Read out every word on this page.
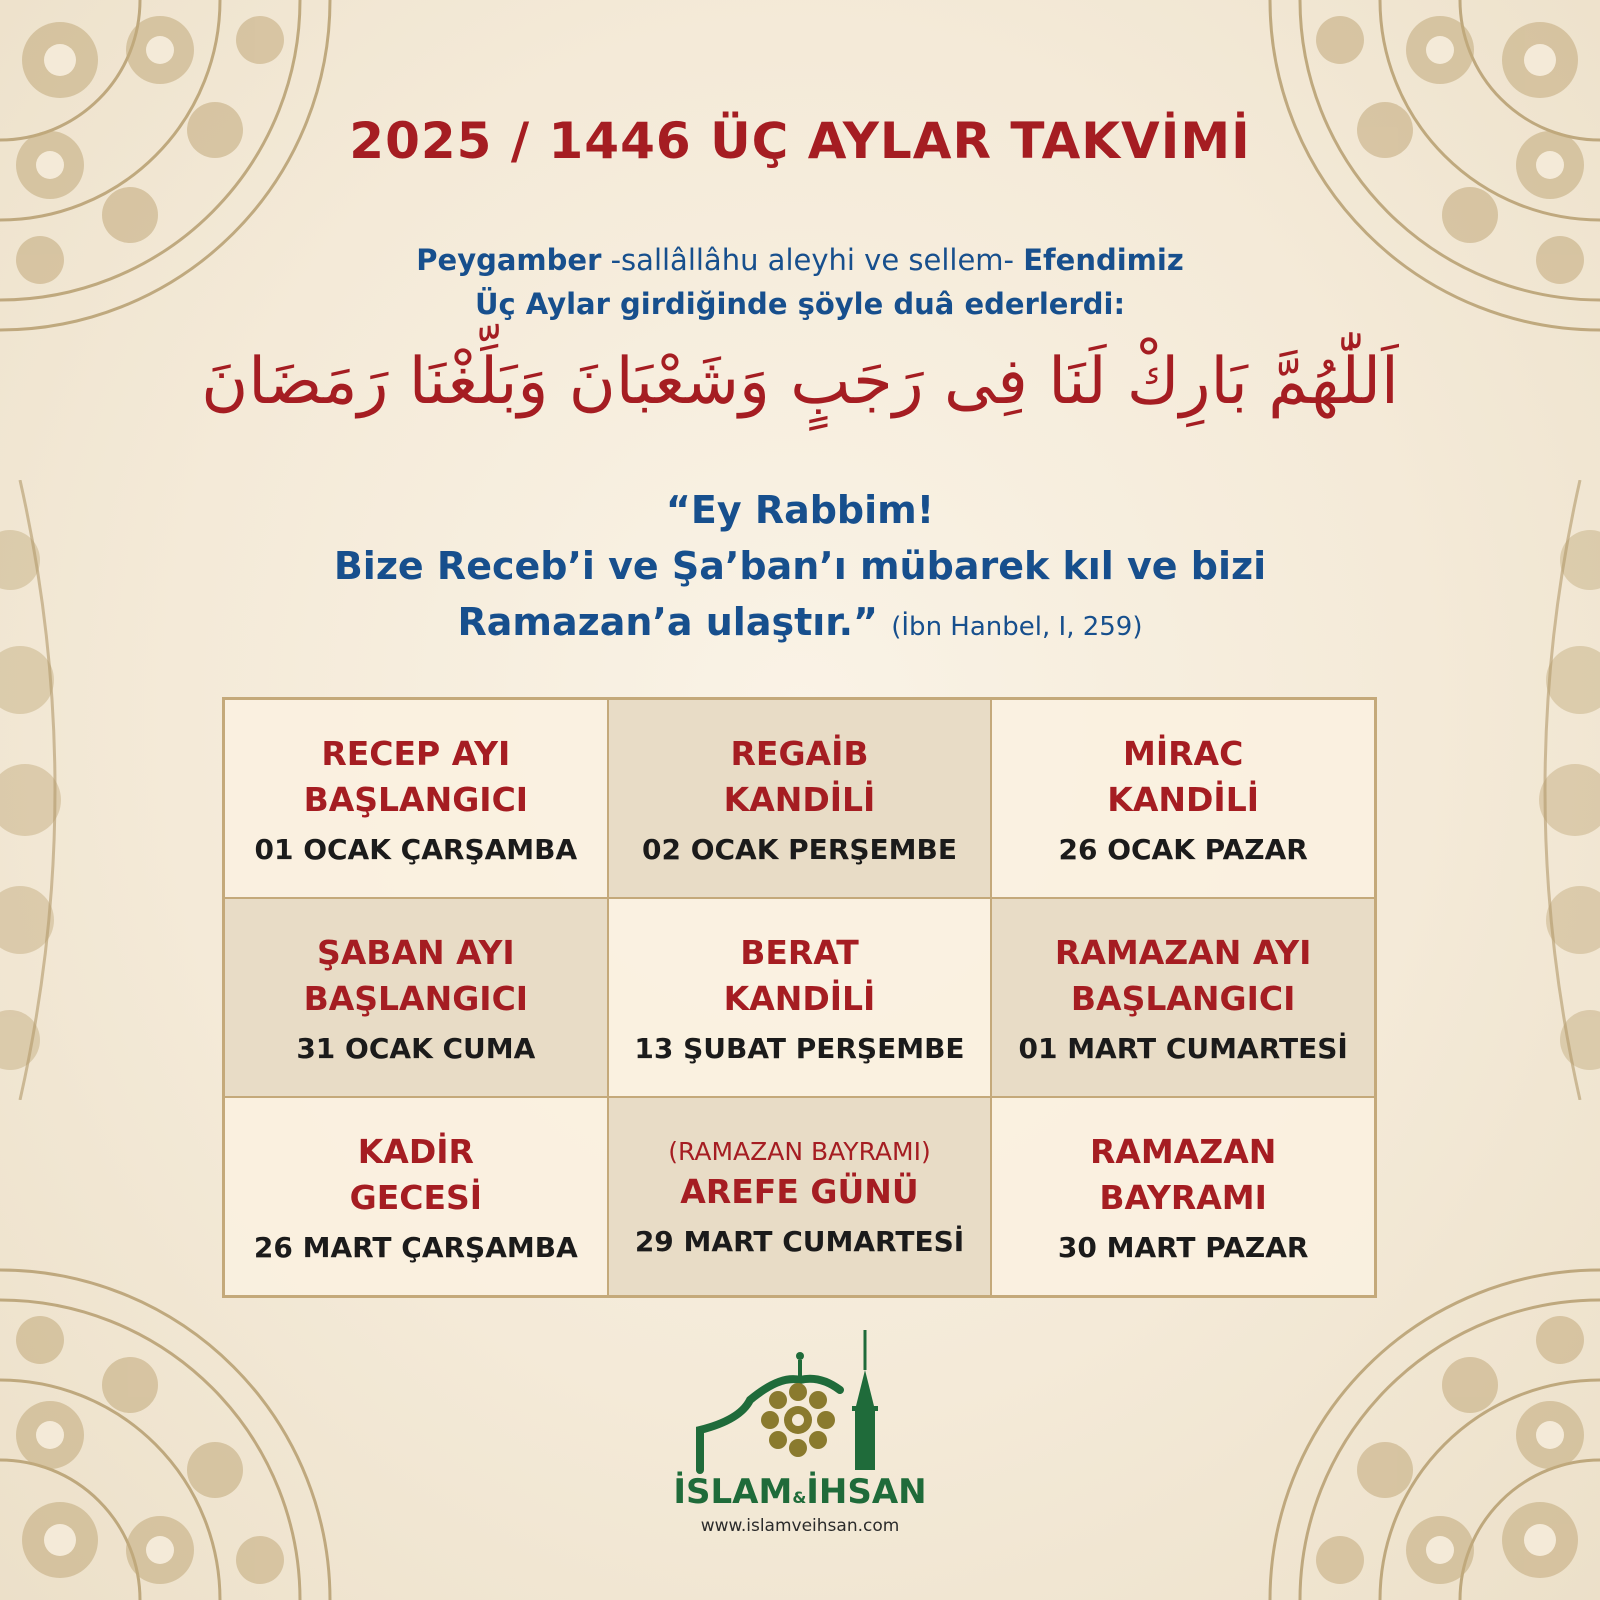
2025 / 1446 ÜÇ AYLAR TAKVİMİ
Peygamber -sallâllâhu aleyhi ve sellem- Efendimiz
Üç Aylar girdiğinde şöyle duâ ederlerdi:
اَللّٰهُمَّ بَارِكْ لَنَا فِى رَجَبٍ وَشَعْبَانَ وَبَلِّغْنَا رَمَضَانَ
“Ey Rabbim!
Bize Receb’i ve Şa’ban’ı mübarek kıl ve bizi
Ramazan’a ulaştır.” (İbn Hanbel, I, 259)
RECEP AYI
BAŞLANGICI
01 OCAK ÇARŞAMBA
REGAİB
KANDİLİ
02 OCAK PERŞEMBE
MİRAC
KANDİLİ
26 OCAK PAZAR
ŞABAN AYI
BAŞLANGICI
31 OCAK CUMA
BERAT
KANDİLİ
13 ŞUBAT PERŞEMBE
RAMAZAN AYI
BAŞLANGICI
01 MART CUMARTESİ
KADİR
GECESİ
26 MART ÇARŞAMBA
(RAMAZAN BAYRAMI)
AREFE GÜNÜ
29 MART CUMARTESİ
RAMAZAN
BAYRAMI
30 MART PAZAR
İSLAM&İHSAN
www.islamveihsan.com
